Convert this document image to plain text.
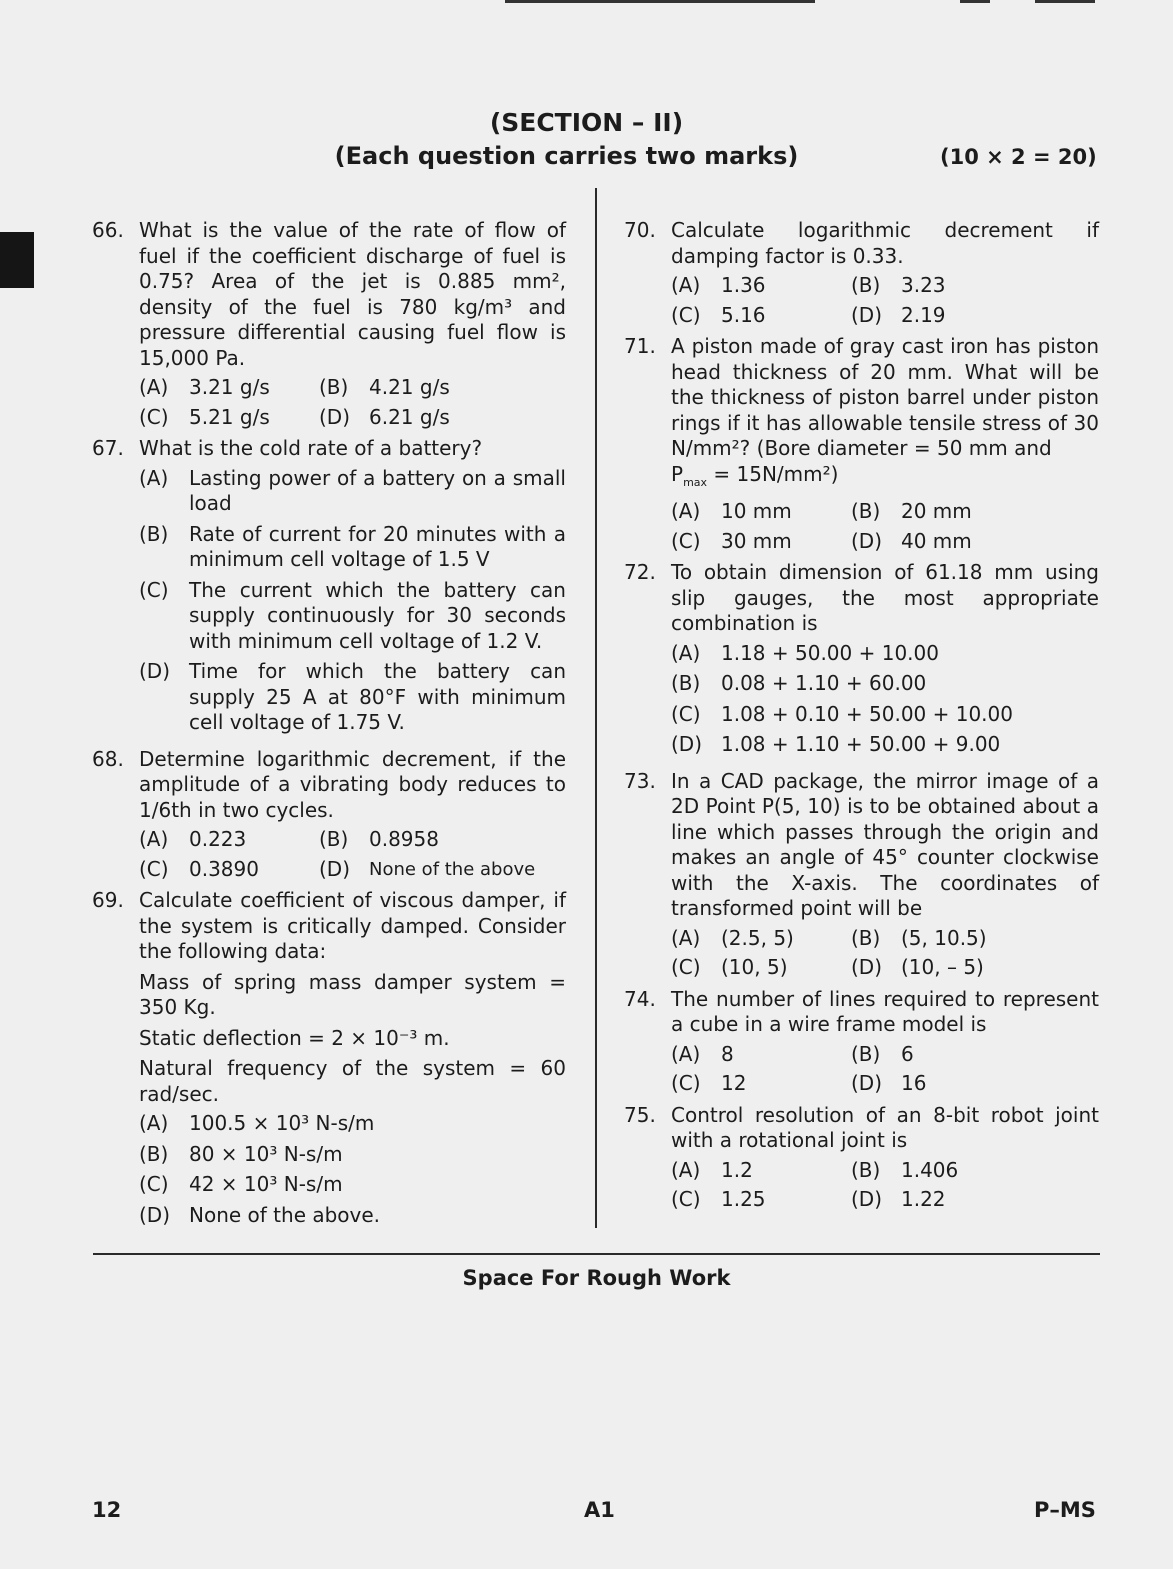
(SECTION – II)
(Each question carries two marks)	(10 × 2 = 20)
66. What is the value of the rate of flow of fuel if the coefficient discharge of fuel is 0.75? Area of the jet is 0.885 mm², density of the fuel is 780 kg/m³ and pressure differential causing fuel flow is 15,000 Pa.
(A)	3.21 g/s (B)	4.21 g/s
(C)	5.21 g/s (D) 6.21 g/s
67. What is the cold rate of a battery?
(A)	Lasting power of a battery on a small load
(B)	Rate of current for 20 minutes with a minimum cell voltage of 1.5 V
(C)	The current which the battery can supply continuously for 30 seconds with minimum cell voltage of 1.2 V.
(D) Time for which the battery can supply 25 A at 80°F with minimum cell voltage of 1.75 V.
68. Determine logarithmic decrement, if the amplitude of a vibrating body reduces to 1/6th in two cycles.
(A)	0.223	(B)	0.8958
(C)	0.3890	(D)	None of the above
69. Calculate coefficient of viscous damper, if the system is critically damped. Consider the following data:
Mass of spring mass damper system = 350 Kg.
Static deflection = 2 × 10⁻³ m.
Natural frequency of the system = 60 rad/sec.
(A)	100.5 × 10³ N-s/m
(B)	80 × 10³ N-s/m
(C)	42 × 10³ N-s/m
(D) None of the above.
70. Calculate logarithmic decrement if damping factor is 0.33.
(A)	1.36	(B)	3.23
(C)	5.16	(D) 2.19
71. A piston made of gray cast iron has piston head thickness of 20 mm. What will be the thickness of piston barrel under piston rings if it has allowable tensile stress of 30 N/mm²? (Bore diameter = 50 mm and
$P_{max} = 15N/mm^2$)
(A)	10 mm	(B)	20 mm
(C)	30 mm	(D) 40 mm
72. To obtain dimension of 61.18 mm using slip gauges, the most appropriate combination is
(A)	1.18 + 50.00 + 10.00
(B)	0.08 + 1.10 + 60.00
(C)	1.08 + 0.10 + 50.00 + 10.00
(D) 1.08 + 1.10 + 50.00 + 9.00
73. In a CAD package, the mirror image of a 2D Point P(5, 10) is to be obtained about a line which passes through the origin and makes an angle of 45° counter clockwise with the X-axis. The coordinates of transformed point will be
(A)	(2.5, 5)	(B)	(5, 10.5)
(C)	(10, 5)	(D) (10, – 5)
74. The number of lines required to represent a cube in a wire frame model is
(A)	8	(B)	6
(C)	12	(D) 16
75. Control resolution of an 8-bit robot joint with a rotational joint is
(A)	1.2	(B)	1.406
(C)	1.25	(D) 1.22
Space For Rough Work
12	A1	P–MS
